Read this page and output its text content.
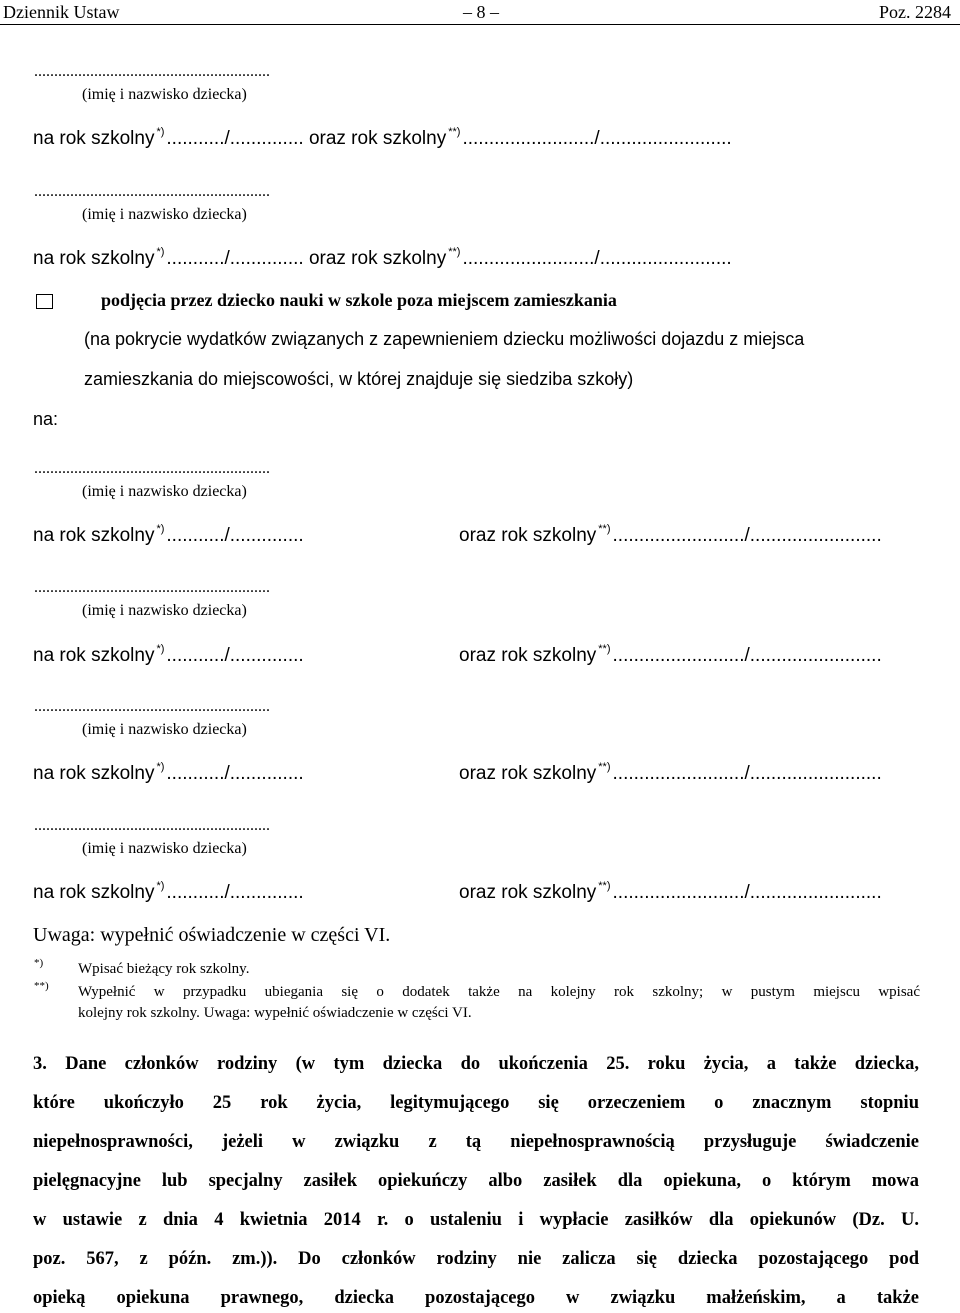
Dziennik Ustaw	– 8 –	Poz. 2284
...........................................................
(imię i nazwisko dziecka)
na rok szkolny *) .........../.............. oraz rok szkolny **) ........................./.........................
...........................................................
(imię i nazwisko dziecka)
na rok szkolny *) .........../.............. oraz rok szkolny **) ........................./.........................
podjęcia przez dziecko nauki w szkole poza miejscem zamieszkania
(na pokrycie wydatków związanych z zapewnieniem dziecku możliwości dojazdu z miejsca
zamieszkania do miejscowości, w której znajduje się siedziba szkoły)
na:
...........................................................
(imię i nazwisko dziecka)
na rok szkolny *) .........../..............	oraz rok szkolny **) ........................./.........................
...........................................................
(imię i nazwisko dziecka)
na rok szkolny *) .........../..............	oraz rok szkolny **) ........................./.........................
...........................................................
(imię i nazwisko dziecka)
na rok szkolny *) .........../..............	oraz rok szkolny **) ........................./.........................
...........................................................
(imię i nazwisko dziecka)
na rok szkolny *) .........../..............	oraz rok szkolny **) ........................./.........................
Uwaga: wypełnić oświadczenie w części VI.
*) Wpisać bieżący rok szkolny.
**) Wypełnić w przypadku ubiegania się o dodatek także na kolejny rok szkolny; w pustym miejscu wpisać
kolejny rok szkolny. Uwaga: wypełnić oświadczenie w części VI.
3. Dane członków rodziny (w tym dziecka do ukończenia 25. roku życia, a także dziecka,
które ukończyło 25 rok życia, legitymującego się orzeczeniem o znacznym stopniu
niepełnosprawności, jeżeli w związku z tą niepełnosprawnością przysługuje świadczenie
pielęgnacyjne lub specjalny zasiłek opiekuńczy albo zasiłek dla opiekuna, o którym mowa
w ustawie z dnia 4 kwietnia 2014 r. o ustaleniu i wypłacie zasiłków dla opiekunów (Dz. U.
poz. 567, z późn. zm.)). Do członków rodziny nie zalicza się dziecka pozostającego pod
opieką opiekuna prawnego, dziecka pozostającego w związku małżeńskim, a także
